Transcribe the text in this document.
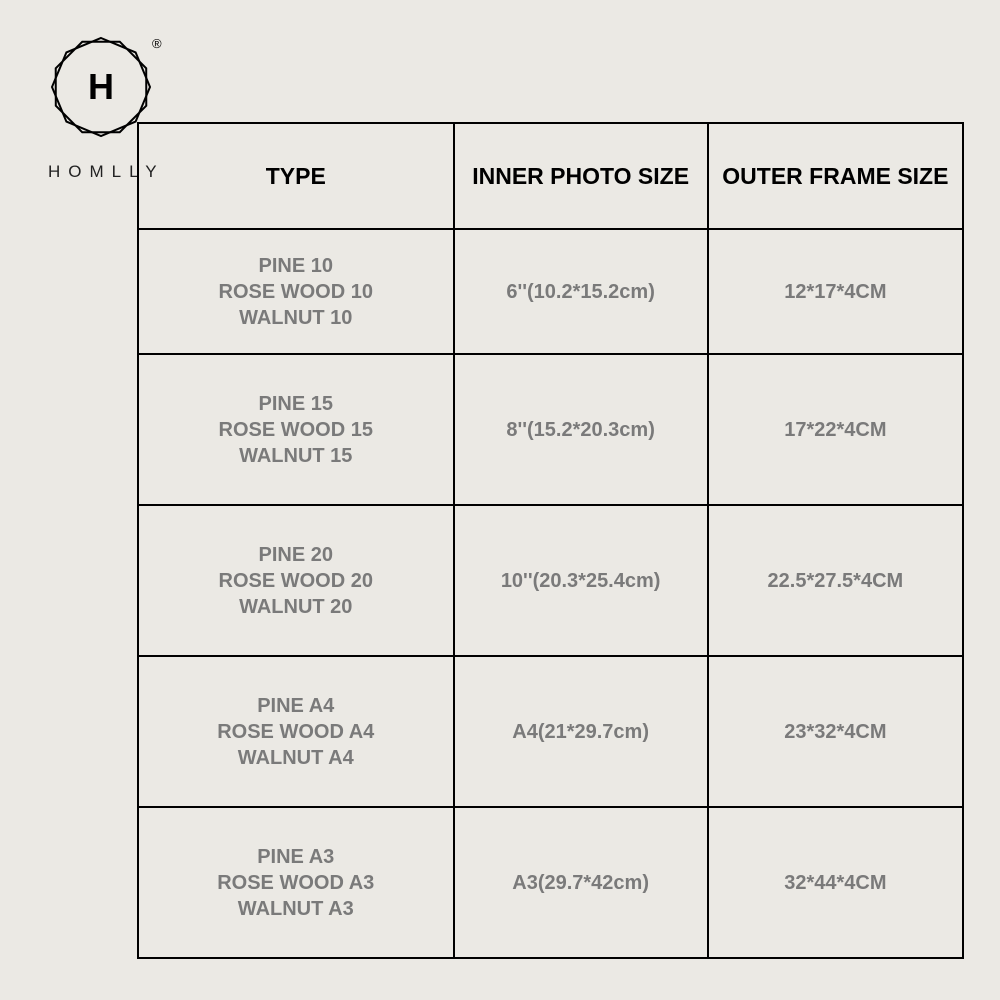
H
®
HOMLLY	TYPE	INNER PHOTO SIZE	OUTER FRAME SIZE

PINE 10
ROSE WOOD 10
WALNUT 10	6''(10.2*15.2cm)	12*17*4CM

PINE 15
ROSE WOOD 15
WALNUT 15	8''(15.2*20.3cm)	17*22*4CM

PINE 20
ROSE WOOD 20
WALNUT 20	10''(20.3*25.4cm)	22.5*27.5*4CM

PINE A4
ROSE WOOD A4
WALNUT A4	A4(21*29.7cm)	23*32*4CM

PINE A3
ROSE WOOD A3
WALNUT A3	A3(29.7*42cm)	32*44*4CM
